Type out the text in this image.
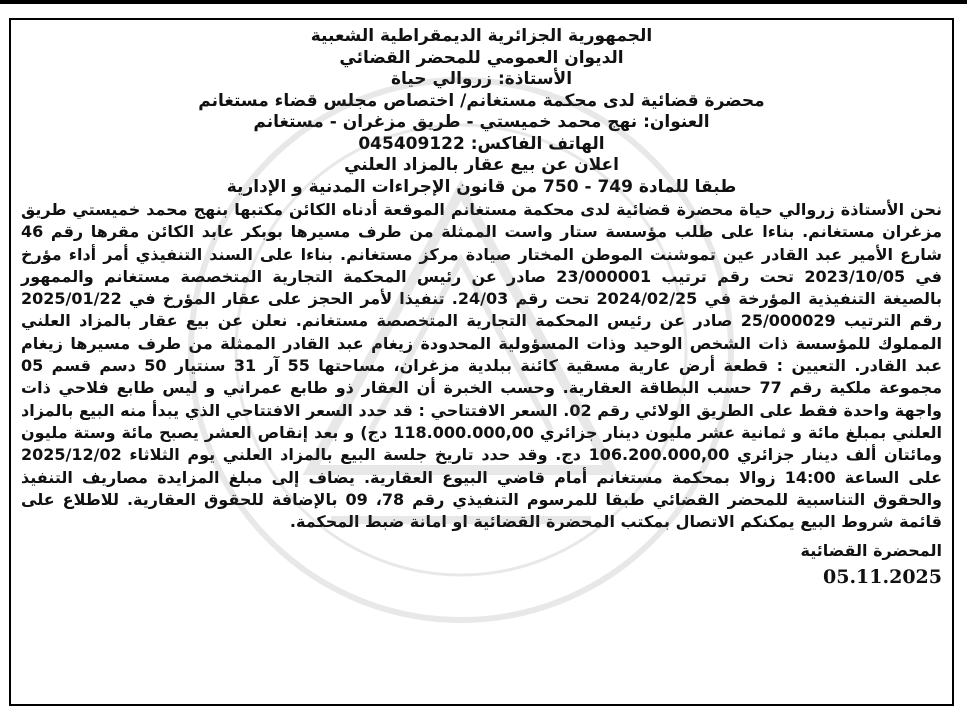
الجمهورية الجزائرية الديمقراطية الشعبية
الديوان العمومي للمحضر القضائي
الأستاذة: زروالي حياة
محضرة قضائية لدى محكمة مستغانم/ اختصاص مجلس قضاء مستغانم
العنوان: نهج محمد خميستي - طريق مزغران - مستغانم
الهاتف الفاكس: 045409122
اعلان عن بيع عقار بالمزاد العلني
طبقا للمادة 749 - 750 من قانون الإجراءات المدنية و الإدارية

نحن الأستاذة زروالي حياة محضرة قضائية لدى محكمة مستغانم الموقعة أدناه الكائن مكتبها بنهج محمد خميستي طريق مزغران مستغانم. بناءا على طلب مؤسسة ستار واست الممثلة من طرف مسيرها بوبكر عابد الكائن مقرها رقم 46 شارع الأمير عبد القادر عين تموشنت الموطن المختار صيادة مركز مستغانم. بناءا على السند التنفيذي أمر أداء مؤرخ في 2023/10/05 تحت رقم ترتيب 23/000001 صادر عن رئيس المحكمة التجارية المتخصصة مستغانم والممهور بالصيغة التنفيذية المؤرخة في 2024/02/25 تحت رقم 24/03. تنفيذا لأمر الحجز على عقار المؤرخ في 2025/01/22 رقم الترتيب 25/000029 صادر عن رئيس المحكمة التجارية المتخصصة مستغانم. نعلن عن بيع عقار بالمزاد العلني المملوك للمؤسسة ذات الشخص الوحيد وذات المسؤولية المحدودة زيغام عبد القادر الممثلة من طرف مسيرها زيغام عبد القادر. التعيين : قطعة أرض عارية مسقية كائنة ببلدية مزغران، مساحتها 55 آر 31 سنتيار 50 دسم قسم 05 مجموعة ملكية رقم 77 حسب البطاقة العقارية. وحسب الخبرة أن العقار ذو طابع عمراني و ليس طابع فلاحي ذات واجهة واحدة فقط على الطريق الولائي رقم 02. السعر الافتتاحي : قد حدد السعر الافتتاحي الذي يبدأ منه البيع بالمزاد العلني بمبلغ مائة و ثمانية عشر مليون دينار جزائري 118.000.000,00 دج) و بعد إنقاص العشر يصبح مائة وستة مليون ومائتان ألف دينار جزائري 106.200.000,00 دج. وقد حدد تاريخ جلسة البيع بالمزاد العلني يوم الثلاثاء 2025/12/02 على الساعة 14:00 زوالا بمحكمة مستغانم أمام قاضي البيوع العقارية. يضاف إلى مبلغ المزايدة مصاريف التنفيذ والحقوق التناسبية للمحضر القضائي طبقا للمرسوم التنفيذي رقم 78، 09 بالإضافة للحقوق العقارية. للاطلاع على قائمة شروط البيع يمكنكم الاتصال بمكتب المحضرة القضائية او امانة ضبط المحكمة.

المحضرة القضائية
05.11.2025
